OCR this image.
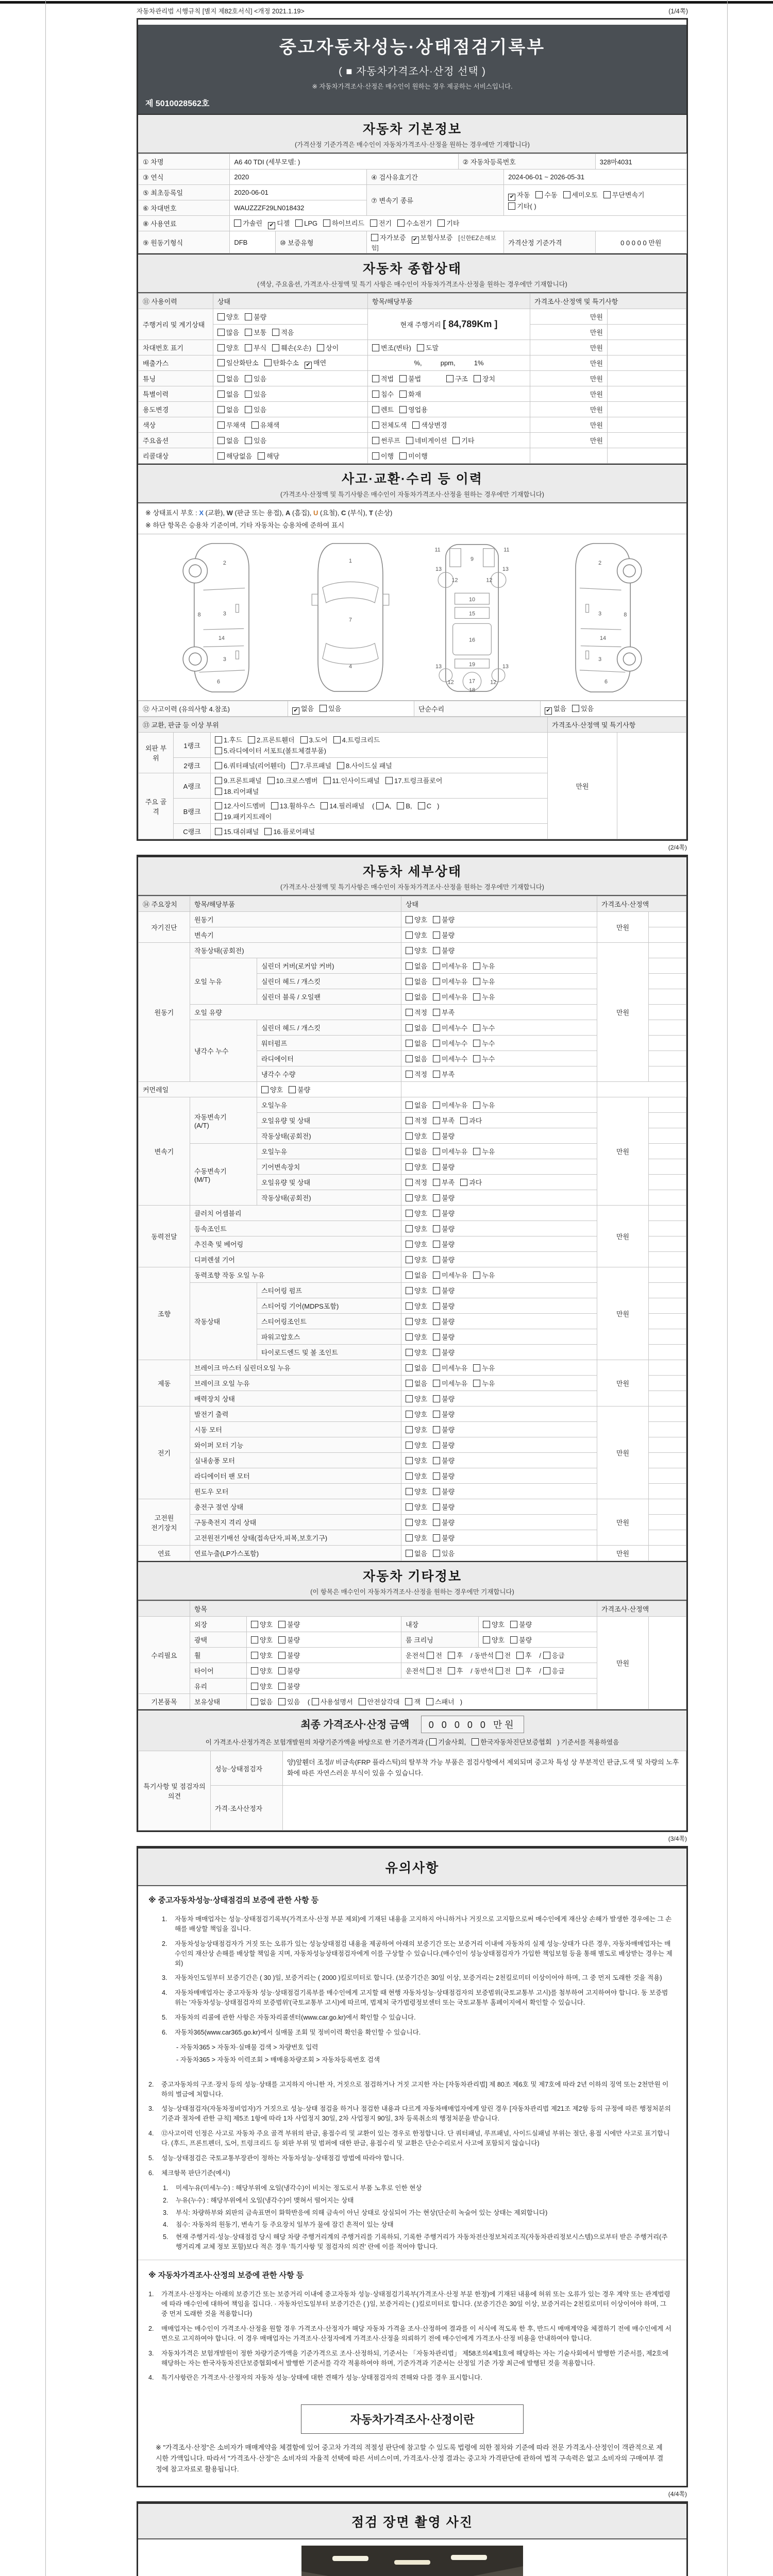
자동차관리법 시행규칙 [별지 제82호서식] <개정 2021.1.19>	(1/4쪽)
중고자동차성능·상태점검기록부
( ■ 자동차가격조사·산정 선택 )
※ 자동차가격조사·산정은 매수인이 원하는 경우 제공하는 서비스입니다.
제 5010028562호
자동차 기본정보
(가격산정 기준가격은 매수인이 자동차가격조사·산정을 원하는 경우에만 기재합니다)
① 차명	A6 40 TDI (세부모델: )			② 자동차등록번호		328마4031
③ 연식	2020		④ 검사유효기간		2024-06-01 ~ 2026-05-31	
⑤ 최초등록일	2020-06-01		⑦ 변속기 종류		✔ 자동 수동 세미오토 무단변속기기타( )	
⑥ 차대번호	WAUZZZF29LN018432					
⑧ 사용연료	가솔린 ✔ 디젤 LPG 하이브리드 전기 수소전기 기타					
⑨ 원동기형식	DFB	⑩ 보증유형	자가보증 ✔ 보험사보증 [신한EZ손해보험]		가격산정 기준가격	0 0 0 0 0 만원
자동차 종합상태
(색상, 주요옵션, 가격조사·산정액 및 특기 사항은 매수인이 자동차가격조사·산정을 원하는 경우에만 기재합니다)
⑪ 사용이력	상태	항목/해당부품	가격조사·산정액 및 특기사항	
주행거리 및 계기상태	양호 불량	현재 주행거리 [ 84,789Km ]	만원	
	많음 보통 적음		만원	
차대번호 표기	양호 부식 훼손(오손) 상이	변조(변타) 도말	만원	
배출가스	일산화탄소 탄화수소 ✔ 매연	%,          ppm,          1%	만원	
튜닝	없음 있음	적법 불법 구조 장치	만원	
특별이력	없음 있음	침수 화재	만원	
용도변경	없음 있음	렌트 영업용	만원	
색상	무채색 유채색	전체도색 색상변경	만원	
주요옵션	없음 있음	썬루프 네비게이션 기타	만원	
리콜대상	해당없음 해당	이행 미이행		
사고·교환·수리 등 이력
(가격조사·산정액 및 특기사항은 매수인이 자동차가격조사·산정을 원하는 경우에만 기재합니다)
※ 상태표시 부호 : X (교환), W (판금 또는 용접), A (흠집), U (요철), C (부식), T (손상)
※ 하단 항목은 승용차 기준이며, 기타 자동차는 승용차에 준하여 표시
2
8	3
14
3
6
1
7
4
11	11
9
13	13
12	12
10
15
16
19
13	13
17
12	12
18
2
8
3
14
3
6
⑫ 사고이력 (유의사항 4.참조)	✔ 없음 있음	단순수리	✔ 없음 있음
⑬ 교환, 판금 등 이상 부위			가격조사·산정액 및 특기사항	
외판 부위	1랭크	1.후드 2.프론트휀더 3.도어 4.트렁크리드
5.라디에이터 서포트(볼트체결부품)	만원	
	2랭크	6.쿼터패널(리어휀더) 7.루프패널 8.사이드실 패널		
주요 골격	A랭크	9.프론트패널 10.크로스멤버 11.인사이드패널 17.트렁크플로어
18.리어패널		

	B랭크	12.사이드멤버 13.휠하우스 14.필러패널 ( A, B, C )
19.패키지트레이		

	C랭크	15.대쉬패널 16.플로어패널		
(2/4쪽)
자동차 세부상태
(가격조사·산정액 및 특기사항은 매수인이 자동차가격조사·산정을 원하는 경우에만 기재합니다)
⑭ 주요장치	항목/해당부품		상태	가격조사·산정액	
자기진단	원동기		양호 불량	만원	
	변속기		양호 불량		
원동기	작동상태(공회전)		양호 불량	만원	
	오일 누유	실린더 커버(로커암 커버)	없음 미세누유 누유		
		실린더 헤드 / 개스킷	없음 미세누유 누유		
		실린더 블록 / 오일팬	없음 미세누유 누유		
	오일 유량		적정 부족		
	냉각수 누수	실린더 헤드 / 개스킷	없음 미세누수 누수		
		워터펌프	없음 미세누수 누수		
		라디에이터	없음 미세누수 누수		
		냉각수 수량	적정 부족		
커먼레일		양호 불량			
변속기	자동변속기
(A/T)	오일누유	없음 미세누유 누유	만원	
		오일유량 및 상태	적정 부족 과다		
		작동상태(공회전)	양호 불량		
	수동변속기
(M/T)	오일누유	없음 미세누유 누유		
		기어변속장치	양호 불량		
		오일유량 및 상태	적정 부족 과다		
		작동상태(공회전)	양호 불량		
동력전달	클러치 어셈블리		양호 불량	만원	
	등속조인트		양호 불량		
	추진축 및 베어링		양호 불량		
	디퍼렌셜 기어		양호 불량		
조향	동력조향 작동 오일 누유		없음 미세누유 누유	만원	
	작동상태	스티어링 펌프	양호 불량		
		스티어링 기어(MDPS포함)	양호 불량		
		스티어링조인트	양호 불량		
		파워고압호스	양호 불량		
		타이로드엔드 및 볼 조인트	양호 불량		
제동	브레이크 마스터 실린더오일 누유		없음 미세누유 누유	만원	
	브레이크 오일 누유		없음 미세누유 누유		
	배력장치 상태		양호 불량		
전기	발전기 출력		양호 불량	만원	
	시동 모터		양호 불량		
	와이퍼 모터 기능		양호 불량		
	실내송풍 모터		양호 불량		
	라디에이터 팬 모터		양호 불량		
	윈도우 모터		양호 불량		
고전원
전기장치	충전구 절연 상태		양호 불량	만원	
	구동축전지 격리 상태		양호 불량		
	고전원전기배선 상태(접속단자,피복,보호기구)		양호 불량		
연료	연료누출(LP가스포함)		없음 있음	만원	
자동차 기타정보
(이 항목은 매수인이 자동차가격조사·산정을 원하는 경우에만 기재합니다)
	항목				가격조사·산정액	
수리필요	외장	양호 불량	내장	양호 불량	만원	
	광택	양호 불량	룸 크리닝	양호 불량		
	휠	양호 불량	운전석 전 후 / 동반석 전 후 / 응급			
	타이어	양호 불량	운전석 전 후 / 동반석 전 후 / 응급			
	유리	양호 불량				
기본품목	보유상태	없음 있음 ( 사용설명서 안전삼각대 잭 스패너 )				
최종 가격조사·산정 금액 0 0 0 0 0 만원
이 가격조사·산정가격은 보험개발원의 차량기준가액을 바탕으로 한 기준가격과 ( 기술사회, 한국자동차진단보증협회 ) 기준서를 적용하였음
특기사항 및 점검자의 의견	성능·상태점검자	양)앞휀더 조정// 비금속(FRP 플라스틱)의 탈부착 가능 부품은 점검사항에서 제외되며 중고차 특성 상 부분적인 판금,도색 및 차량의 노후화에 따른 자연스러운 부식이 있을 수 있습니다.
	가격·조사산정자	
(3/4쪽)
유의사항
※ 중고자동차성능·상태점검의 보증에 관한 사항 등
1.	자동차 매매업자는 성능·상태점검기록부(가격조사·산정 부분 제외)에 기재된 내용을 고지하지 아니하거나 거짓으로 고지함으로써 매수인에게 재산상 손해가 발생한 경우에는 그 손해를 배상할 책임을 집니다.
2.	자동차성능상태점검자가 거짓 또는 오류가 있는 성능상태점검 내용을 제공하여 아래의 보증기간 또는 보증거리 이내에 자동차의 실제 성능·상태가 다른 경우, 자동차매매업자는 매수인의 재산상 손해를 배상할 책임을 지며, 자동차성능상태점검자에게 이를 구상할 수 있습니다.(매수인이 성능상태점검자가 가입한 책임보험 등을 통해 별도로 배상받는 경우는 제외)
3.	자동차인도일부터 보증기간은 ( 30 )일, 보증거리는 ( 2000 )킬로미터로 합니다. (보증기간은 30일 이상, 보증거리는 2천킬로미터 이상이어야 하며, 그 중 먼저 도래한 것을 적용)
4.	자동차매매업자는 중고자동차 성능·상태점검기록부를 매수인에게 고지할 때 현행 자동차성능·상태점검자의 보증범위(국토교통부 고시)를 첨부하여 고지하여야 합니다. 동 보증범위는 '자동차성능·상태점검자의 보증범위'(국토교통부 고시)에 따르며, 법제처 국가법령정보센터 또는 국토교통부 홈페이지에서 확인할 수 있습니다.
5.	자동차의 리콜에 관한 사항은 자동차리콜센터(www.car.go.kr)에서 확인할 수 있습니다.
6.	자동차365(www.car365.go.kr)에서 실매물 조회 및 정비이력 확인을 확인할 수 있습니다.
- 자동차365 > 자동차·실매물 검색 > 차량번호 입력
- 자동차365 > 자동차 이력조회 > 매매용차량조회 > 자동차등록번호 검색
2.	중고자동차의 구조·장치 등의 성능·상태를 고지하지 아니한 자, 거짓으로 점검하거나 거짓 고지한 자는 [자동차관리법] 제 80조 제6호 및 제7호에 따라 2년 이하의 징역 또는 2천만원 이하의 벌금에 처합니다.
3.	성능·상태점검자(자동차정비업자)가 거짓으로 성능·상태 점검을 하거나 점검한 내용과 다르게 자동차매매업자에게 알린 경우 [자동차관리법 제21조 제2항 등의 규정에 따른 행정처분의 기준과 절차에 관한 규칙] 제5조 1항에 따라 1차 사업정지 30일, 2차 사업정지 90일, 3차 등록취소의 행정처분을 받습니다.
4.	⑫사고이력 인정은 사고로 자동차 주요 골격 부위의 판금, 용접수리 및 교환이 있는 경우로 한정합니다. 단 쿼터패널, 루프패널, 사이드실패널 부위는 절단, 용접 시에만 사고로 표기합니다. (후드, 프론트펜더, 도어, 트렁크리드 등 외판 부위 및 범퍼에 대한 판금, 용접수리 및 교환은 단순수리로서 사고에 포함되지 않습니다)
5.	성능·상태점검은 국토교통부장관이 정하는 자동차성능·상태점검 방법에 따라야 합니다.
6.	체크항목 판단기준(예시)
1.	미세누유(미세누수) : 해당부위에 오일(냉각수)이 비치는 정도로서 부품 노후로 인한 현상
2.	누유(누수) : 해당부위에서 오일(냉각수)이 맺혀서 떨어지는 상태
3.	부식: 차량하부와 외판의 금속표면이 화학반응에 의해 금속이 아닌 상태로 상실되어 가는 현상(단순히 녹슬어 있는 상태는 제외합니다)
4.	침수: 자동차의 원동기, 변속기 등 주요장치 일부가 물에 잠긴 흔적이 있는 상태
5.	현재 주행거리·성능·상태점검 당시 해당 차량 주행거리계의 주행거리를 기록하되, 기록한 주행거리가 자동차전산정보처리조직(자동차관리정보시스템)으로부터 받은 주행거리(주행거리계 교체 정보 포함)보다 적은 경우 '특기사항 및 점검자의 의견' 란에 이를 적어야 합니다.
※ 자동차가격조사·산정의 보증에 관한 사항 등
1.	가격조사·산정자는 아래의 보증기간 또는 보증거리 이내에 중고자동차 성능·상태점검기록부(가격조사·산정 부분 한정)에 기재된 내용에 허위 또는 오류가 있는 경우 계약 또는 관계법령에 따라 매수인에 대하여 책임을 집니다. · 자동차인도일부터 보증기간은 ( )일, 보증거리는 ( )킬로미터로 합니다. (보증기간은 30일 이상, 보증거리는 2천킬로미터 이상이어야 하며, 그 중 먼저 도래한 것을 적용합니다)
2.	매매업자는 매수인이 가격조사·산정을 원할 경우 가격조사·산정자가 해당 자동차 가격을 조사·산정하여 결과를 이 서식에 적도록 한 후, 반드시 매매계약을 체결하기 전에 매수인에게 서면으로 고지하여야 합니다. 이 경우 매매업자는 가격조사·산정자에게 가격조사·산정을 의뢰하기 전에 매수인에게 가격조사·산정 비용을 안내하여야 합니다.
3.	자동차가격은 보험개발원이 정한 차량기준가액을 기준가격으로 조사·산정하되, 기준서는 「자동차관리법」 제58조의4제1호에 해당하는 자는 기술사회에서 발행한 기준서를, 제2호에 해당하는 자는 한국자동차진단보증협회에서 발행한 기준서를 각각 적용하여야 하며, 기준가격과 기준서는 산정일 기준 가장 최근에 발행된 것을 적용합니다.
4.	특기사항란은 가격조사·산정자의 자동차 성능·상태에 대한 견해가 성능·상태점검자의 견해와 다를 경우 표시합니다.
자동차가격조사·산정이란
※ "가격조사·산정"은 소비자가 매매계약을 체결함에 있어 중고차 가격의 적절성 판단에 참고할 수 있도록 법령에 의한 절차와 기준에 따라 전문 가격조사·산정인이 객관적으로 제시한 가액입니다. 따라서 "가격조사·산정"은 소비자의 자율적 선택에 따른 서비스이며, 가격조사·산정 결과는 중고차 가격판단에 관하여 법적 구속력은 없고 소비자의 구매여부 결정에 참고자료로 활용됩니다.
(4/4쪽)
점검 장면 촬영 사진
